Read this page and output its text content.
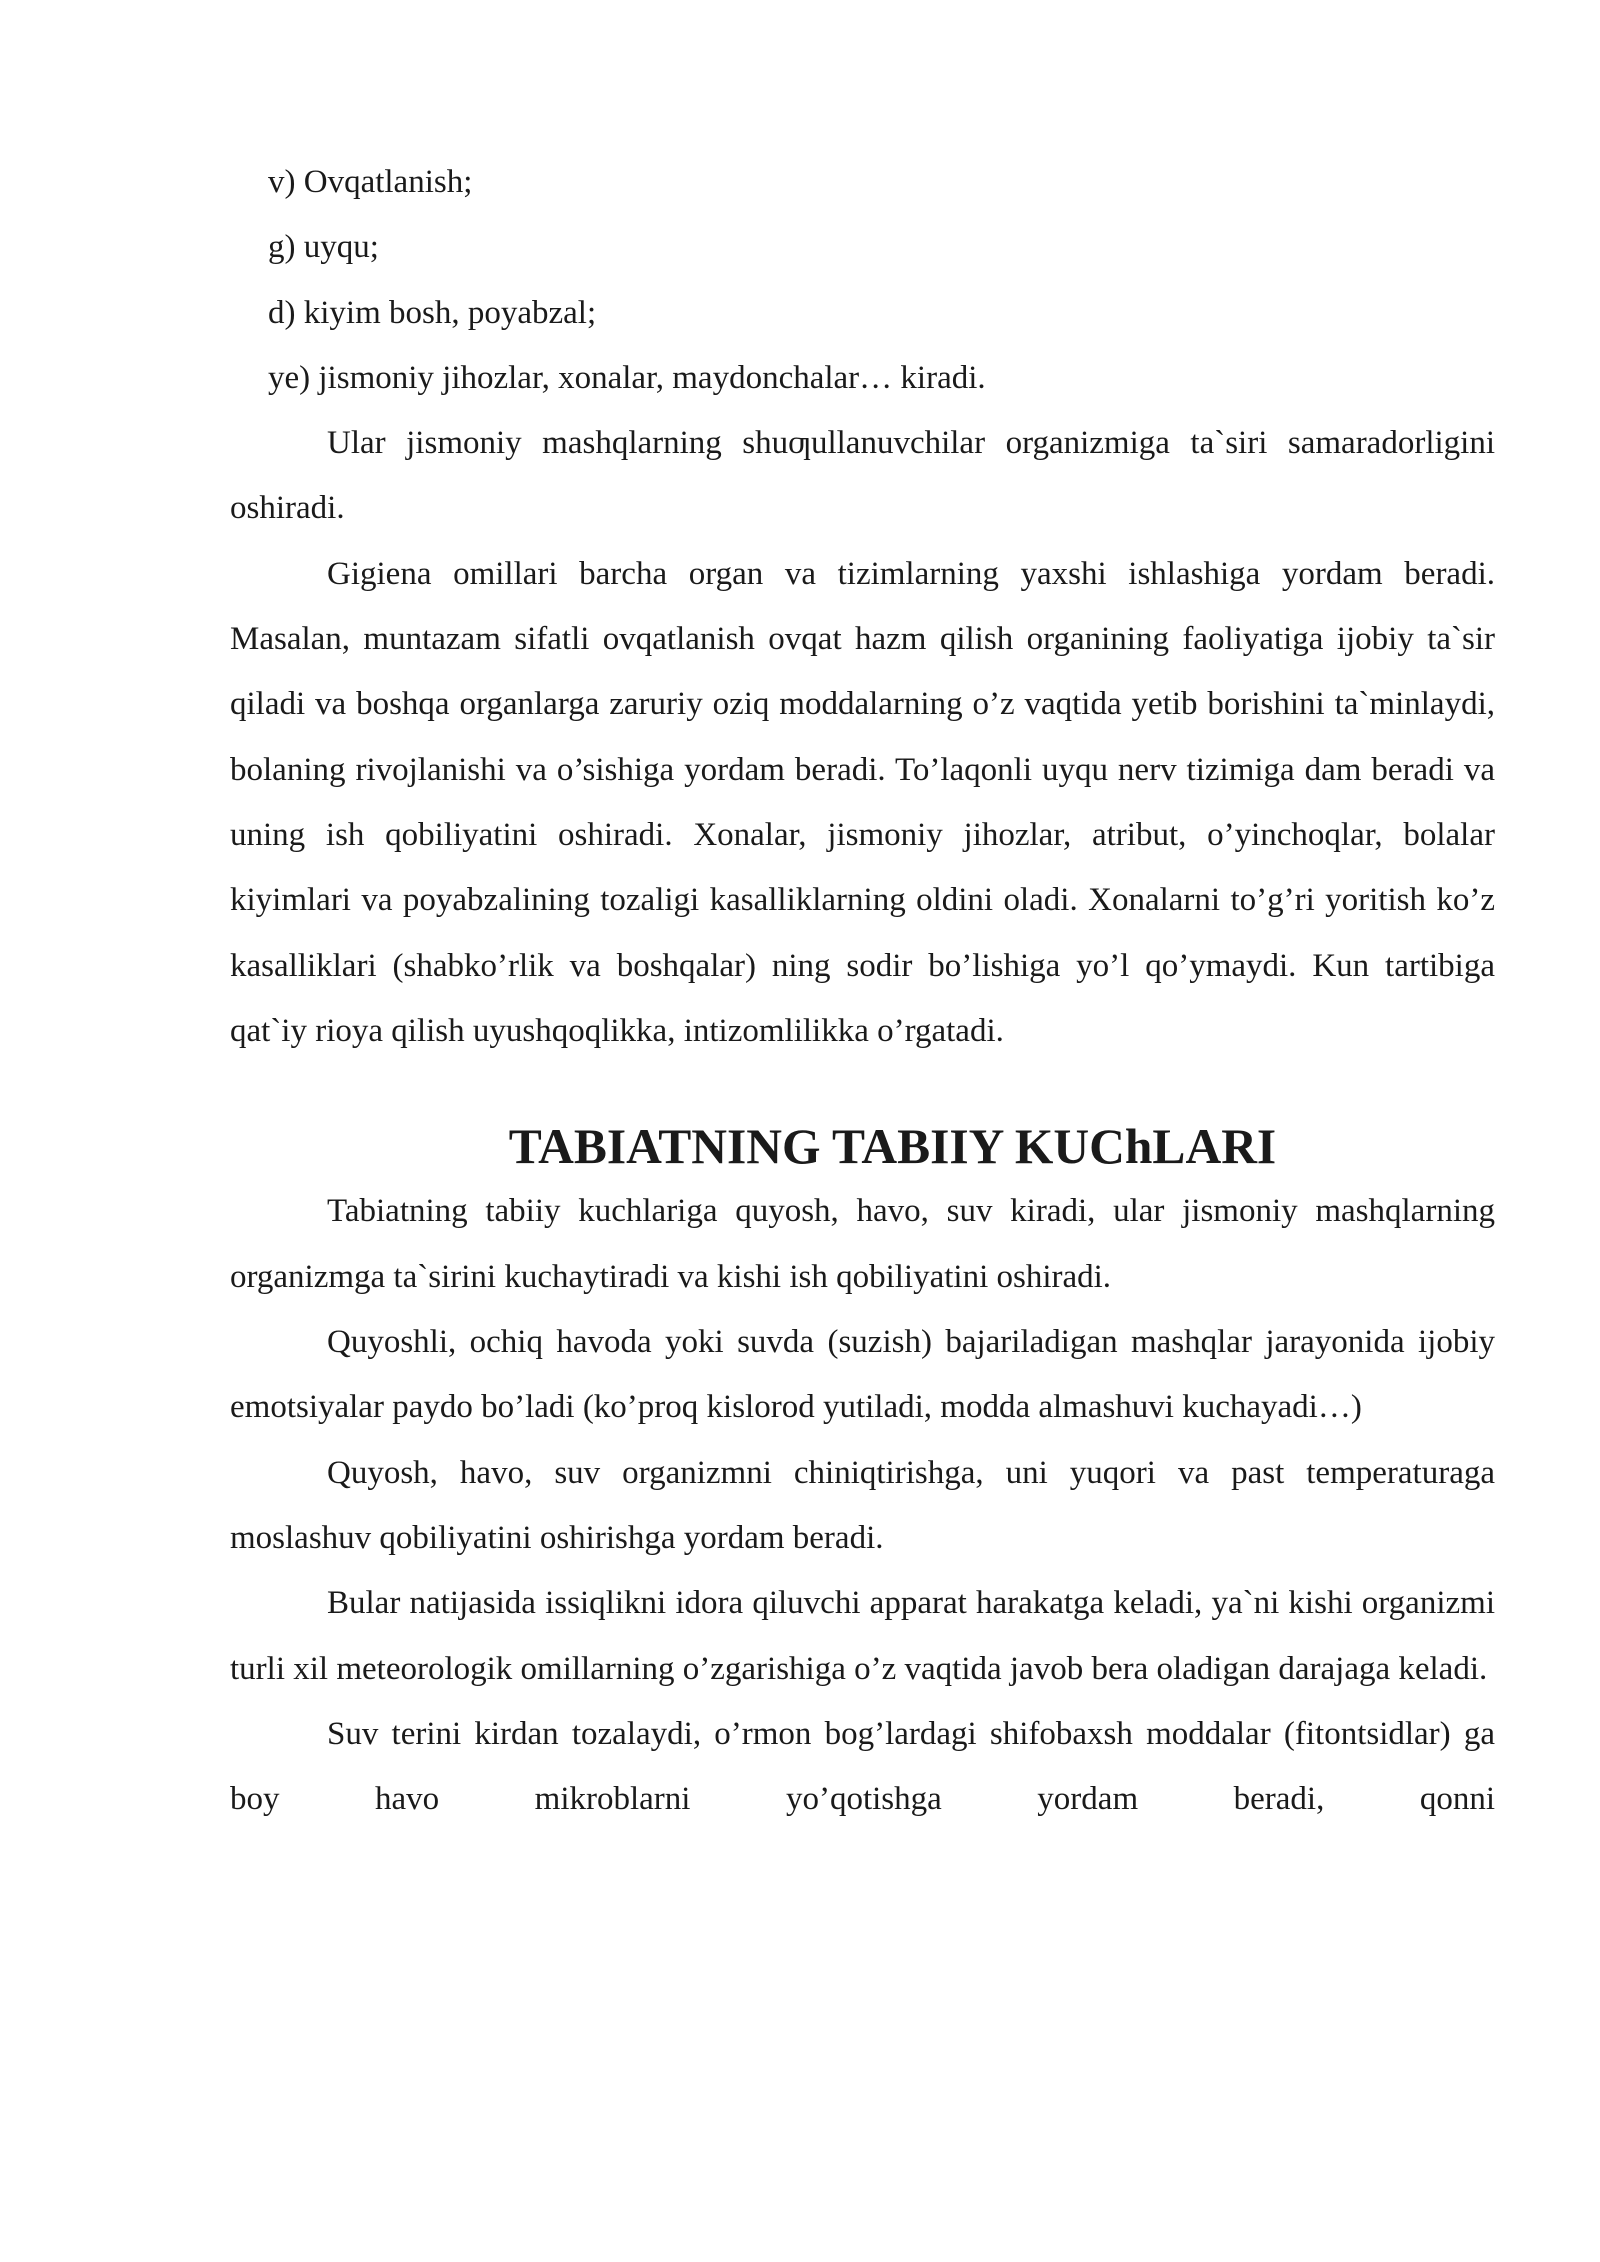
v) Ovqatlanish;
g) uyqu;
d) kiyim bosh, poyabzal;
ye) jismoniy jihozlar, xonalar, maydonchalar… kiradi.

Ular jismoniy mashqlarning shuƣullanuvchilar organizmiga ta`siri samaradorligini oshiradi.

Gigiena omillari barcha organ va tizimlarning yaxshi ishlashiga yordam beradi. Masalan, muntazam sifatli ovqatlanish ovqat hazm qilish organining faoliyatiga ijobiy ta`sir qiladi va boshqa organlarga zaruriy oziq moddalarning o’z vaqtida yetib borishini ta`minlaydi, bolaning rivojlanishi va o’sishiga yordam beradi. To’laqonli uyqu nerv tizimiga dam beradi va uning ish qobiliyatini oshiradi. Xonalar, jismoniy jihozlar, atribut, o’yinchoqlar, bolalar kiyimlari va poyabzalining tozaligi kasalliklarning oldini oladi. Xonalarni to’g’ri yoritish ko’z kasalliklari (shabko’rlik va boshqalar) ning sodir bo’lishiga yo’l qo’ymaydi. Kun tartibiga qat`iy rioya qilish uyushqoqlikka, intizomlilikka o’rgatadi.

TABIATNING TABIIY KUChLARI

Tabiatning tabiiy kuchlariga quyosh, havo, suv kiradi, ular jismoniy mashqlarning organizmga ta`sirini kuchaytiradi va kishi ish qobiliyatini oshiradi.

Quyoshli, ochiq havoda yoki suvda (suzish) bajariladigan mashqlar jarayonida ijobiy emotsiyalar paydo bo’ladi (ko’proq kislorod yutiladi, modda almashuvi kuchayadi…)

Quyosh, havo, suv organizmni chiniqtirishga, uni yuqori va past temperaturaga moslashuv qobiliyatini oshirishga yordam beradi.

Bular natijasida issiqlikni idora qiluvchi apparat harakatga keladi, ya`ni kishi organizmi turli xil meteorologik omillarning o’zgarishiga o’z vaqtida javob bera oladigan darajaga keladi.

Suv terini kirdan tozalaydi, o’rmon bog’lardagi shifobaxsh moddalar (fitontsidlar) ga boy havo mikroblarni yo’qotishga yordam beradi, qonni
